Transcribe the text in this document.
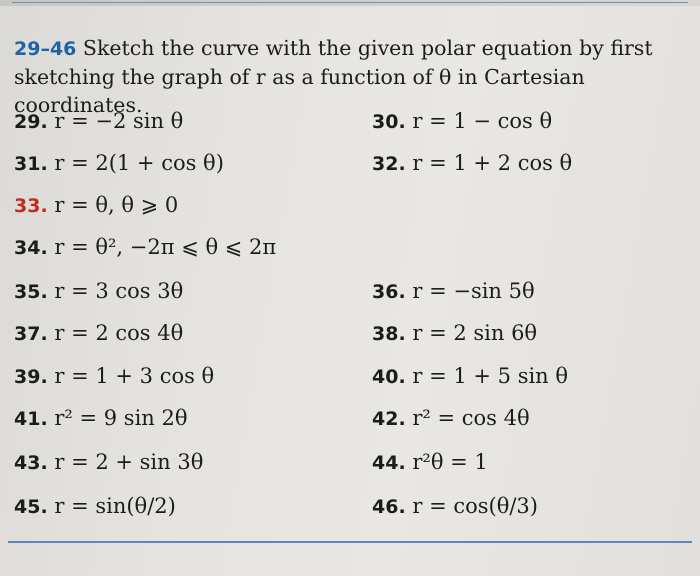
29–46 Sketch the curve with the given polar equation by first sketching the graph of r as a function of θ in Cartesian coordinates.
29. r = −2 sin θ	30. r = 1 − cos θ
31. r = 2(1 + cos θ)	32. r = 1 + 2 cos θ
33. r = θ, θ ⩾ 0
34. r = θ², −2π ⩽ θ ⩽ 2π
35. r = 3 cos 3θ	36. r = −sin 5θ
37. r = 2 cos 4θ	38. r = 2 sin 6θ
39. r = 1 + 3 cos θ	40. r = 1 + 5 sin θ
41. r² = 9 sin 2θ	42. r² = cos 4θ
43. r = 2 + sin 3θ	44. r²θ = 1
45. r = sin(θ/2)	46. r = cos(θ/3)
